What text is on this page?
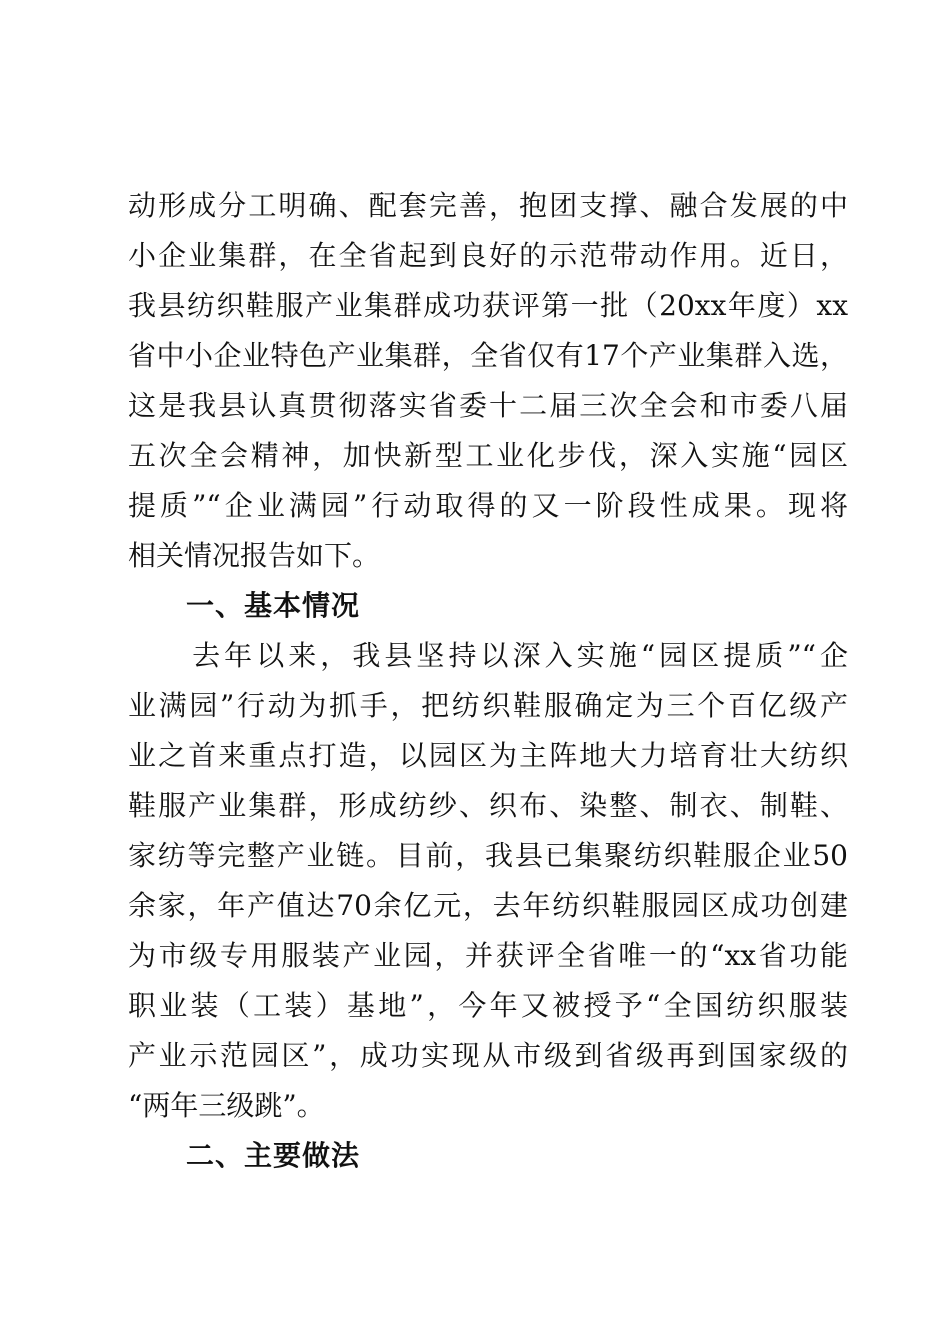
动形成分工明确、配套完善，抱团支撑、融合发展的中
小企业集群，在全省起到良好的示范带动作用。近日，
我县纺织鞋服产业集群成功获评第一批（20xx年度）xx
省中小企业特色产业集群，全省仅有17个产业集群入选，
这是我县认真贯彻落实省委十二届三次全会和市委八届
五次全会精神，加快新型工业化步伐，深入实施“园区
提质”“企业满园”行动取得的又一阶段性成果。现将
相关情况报告如下。
一、基本情况
　　去年以来，我县坚持以深入实施“园区提质”“企
业满园”行动为抓手，把纺织鞋服确定为三个百亿级产
业之首来重点打造，以园区为主阵地大力培育壮大纺织
鞋服产业集群，形成纺纱、织布、染整、制衣、制鞋、
家纺等完整产业链。目前，我县已集聚纺织鞋服企业50
余家，年产值达70余亿元，去年纺织鞋服园区成功创建
为市级专用服装产业园，并获评全省唯一的“xx省功能
职业装（工装）基地”，今年又被授予“全国纺织服装
产业示范园区”，成功实现从市级到省级再到国家级的
“两年三级跳”。
二、主要做法
